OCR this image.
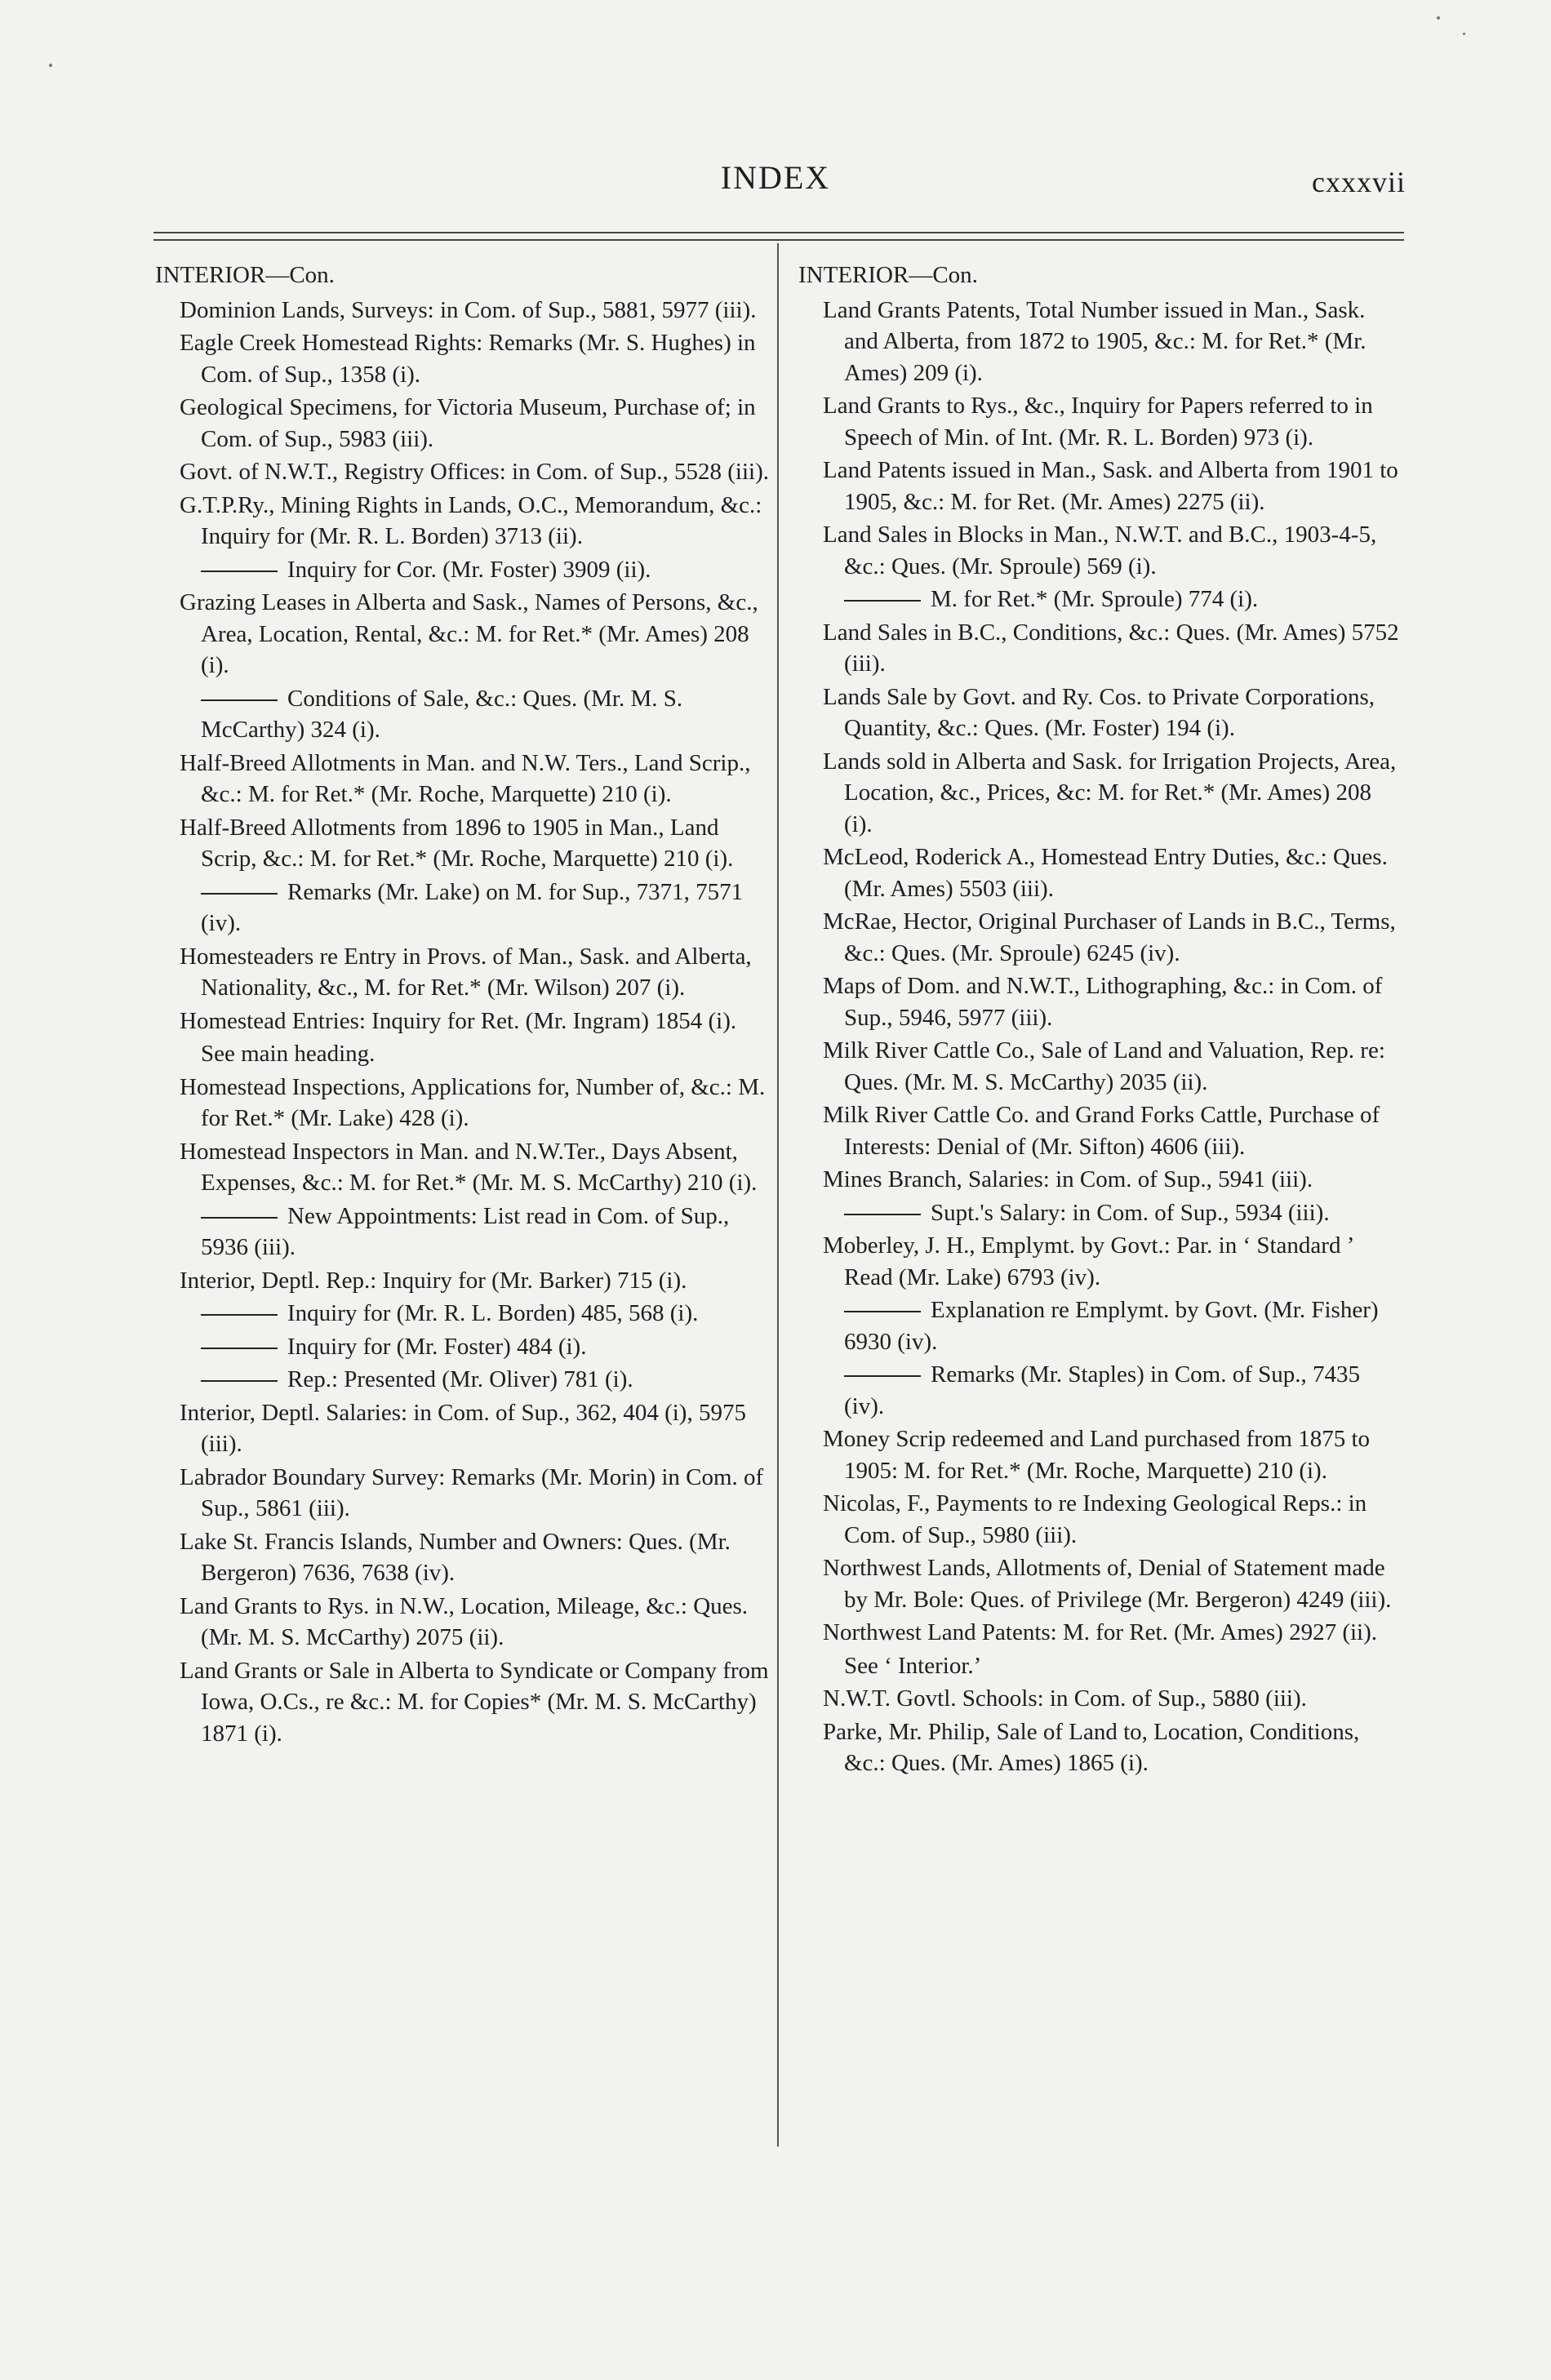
INDEX	cxxxvii
INTERIOR—Con.

Dominion Lands, Surveys: in Com. of Sup., 5881, 5977 (iii).

Eagle Creek Homestead Rights: Remarks (Mr. S. Hughes) in Com. of Sup., 1358 (i).

Geological Specimens, for Victoria Museum, Purchase of; in Com. of Sup., 5983 (iii).

Govt. of N.W.T., Registry Offices: in Com. of Sup., 5528 (iii).

G.T.P.Ry., Mining Rights in Lands, O.C., Memorandum, &c.: Inquiry for (Mr. R. L. Borden) 3713 (ii).

Inquiry for Cor. (Mr. Foster) 3909 (ii).

Grazing Leases in Alberta and Sask., Names of Persons, &c., Area, Location, Rental, &c.: M. for Ret.* (Mr. Ames) 208 (i).

Conditions of Sale, &c.: Ques. (Mr. M. S. McCarthy) 324 (i).

Half-Breed Allotments in Man. and N.W. Ters., Land Scrip., &c.: M. for Ret.* (Mr. Roche, Marquette) 210 (i).

Half-Breed Allotments from 1896 to 1905 in Man., Land Scrip, &c.: M. for Ret.* (Mr. Roche, Marquette) 210 (i).

Remarks (Mr. Lake) on M. for Sup., 7371, 7571 (iv).

Homesteaders re Entry in Provs. of Man., Sask. and Alberta, Nationality, &c., M. for Ret.* (Mr. Wilson) 207 (i).

Homestead Entries: Inquiry for Ret. (Mr. Ingram) 1854 (i).

See main heading.

Homestead Inspections, Applications for, Number of, &c.: M. for Ret.* (Mr. Lake) 428 (i).

Homestead Inspectors in Man. and N.W.Ter., Days Absent, Expenses, &c.: M. for Ret.* (Mr. M. S. McCarthy) 210 (i).

New Appointments: List read in Com. of Sup., 5936 (iii).

Interior, Deptl. Rep.: Inquiry for (Mr. Barker) 715 (i).

Inquiry for (Mr. R. L. Borden) 485, 568 (i).

Inquiry for (Mr. Foster) 484 (i).

Rep.: Presented (Mr. Oliver) 781 (i).

Interior, Deptl. Salaries: in Com. of Sup., 362, 404 (i), 5975 (iii).

Labrador Boundary Survey: Remarks (Mr. Morin) in Com. of Sup., 5861 (iii).

Lake St. Francis Islands, Number and Owners: Ques. (Mr. Bergeron) 7636, 7638 (iv).

Land Grants to Rys. in N.W., Location, Mileage, &c.: Ques. (Mr. M. S. McCarthy) 2075 (ii).

Land Grants or Sale in Alberta to Syndicate or Company from Iowa, O.Cs., re &c.: M. for Copies* (Mr. M. S. McCarthy) 1871 (i).

INTERIOR—Con.

Land Grants Patents, Total Number issued in Man., Sask. and Alberta, from 1872 to 1905, &c.: M. for Ret.* (Mr. Ames) 209 (i).

Land Grants to Rys., &c., Inquiry for Papers referred to in Speech of Min. of Int. (Mr. R. L. Borden) 973 (i).

Land Patents issued in Man., Sask. and Alberta from 1901 to 1905, &c.: M. for Ret. (Mr. Ames) 2275 (ii).

Land Sales in Blocks in Man., N.W.T. and B.C., 1903-4-5, &c.: Ques. (Mr. Sproule) 569 (i).

M. for Ret.* (Mr. Sproule) 774 (i).

Land Sales in B.C., Conditions, &c.: Ques. (Mr. Ames) 5752 (iii).

Lands Sale by Govt. and Ry. Cos. to Private Corporations, Quantity, &c.: Ques. (Mr. Foster) 194 (i).

Lands sold in Alberta and Sask. for Irrigation Projects, Area, Location, &c., Prices, &c: M. for Ret.* (Mr. Ames) 208 (i).

McLeod, Roderick A., Homestead Entry Duties, &c.: Ques. (Mr. Ames) 5503 (iii).

McRae, Hector, Original Purchaser of Lands in B.C., Terms, &c.: Ques. (Mr. Sproule) 6245 (iv).

Maps of Dom. and N.W.T., Lithographing, &c.: in Com. of Sup., 5946, 5977 (iii).

Milk River Cattle Co., Sale of Land and Valuation, Rep. re: Ques. (Mr. M. S. McCarthy) 2035 (ii).

Milk River Cattle Co. and Grand Forks Cattle, Purchase of Interests: Denial of (Mr. Sifton) 4606 (iii).

Mines Branch, Salaries: in Com. of Sup., 5941 (iii).

Supt.'s Salary: in Com. of Sup., 5934 (iii).

Moberley, J. H., Emplymt. by Govt.: Par. in ‘ Standard ’ Read (Mr. Lake) 6793 (iv).

Explanation re Emplymt. by Govt. (Mr. Fisher) 6930 (iv).

Remarks (Mr. Staples) in Com. of Sup., 7435 (iv).

Money Scrip redeemed and Land purchased from 1875 to 1905: M. for Ret.* (Mr. Roche, Marquette) 210 (i).

Nicolas, F., Payments to re Indexing Geological Reps.: in Com. of Sup., 5980 (iii).

Northwest Lands, Allotments of, Denial of Statement made by Mr. Bole: Ques. of Privilege (Mr. Bergeron) 4249 (iii).

Northwest Land Patents: M. for Ret. (Mr. Ames) 2927 (ii).

See ‘ Interior.’

N.W.T. Govtl. Schools: in Com. of Sup., 5880 (iii).

Parke, Mr. Philip, Sale of Land to, Location, Conditions, &c.: Ques. (Mr. Ames) 1865 (i).
